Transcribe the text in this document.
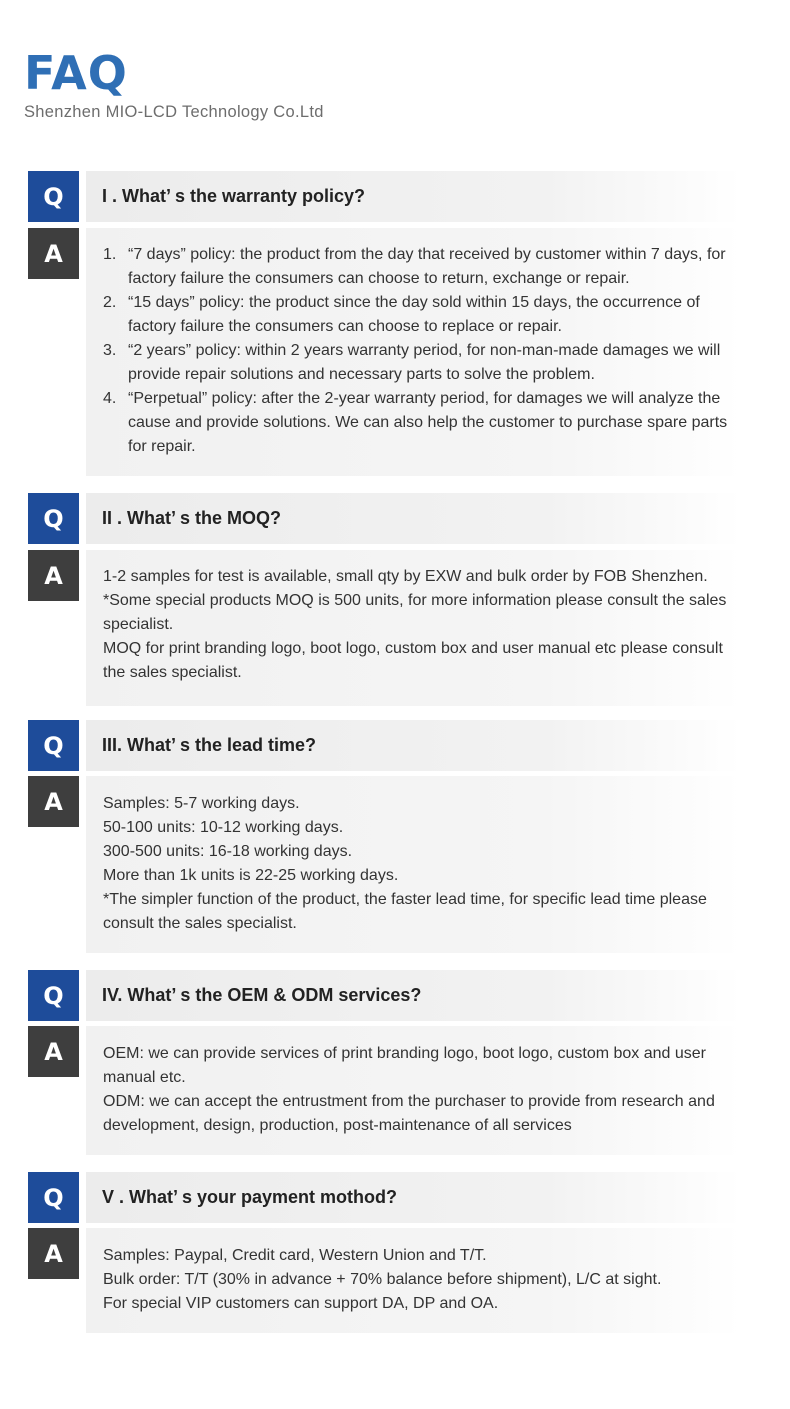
FAQ
Shenzhen MIO-LCD Technology Co.Ltd
Q	I . What’ s the warranty policy?
A	1. “7 days” policy: the product from the day that received by customer within 7 days, for factory failure the consumers can choose to return, exchange or repair.
2. “15 days” policy: the product since the day sold within 15 days, the occurrence of factory failure the consumers can choose to replace or repair.
3. “2 years” policy: within 2 years warranty period, for non-man-made damages we will provide repair solutions and necessary parts to solve the problem.
4. “Perpetual” policy: after the 2-year warranty period, for damages we will analyze the cause and provide solutions. We can also help the customer to purchase spare parts for repair.
Q	II . What’ s the MOQ?
A	1-2 samples for test is available, small qty by EXW and bulk order by FOB Shenzhen.

*Some special products MOQ is 500 units, for more information please consult the sales specialist.

MOQ for print branding logo, boot logo, custom box and user manual etc please consult the sales specialist.

Q	III. What’ s the lead time?
A	Samples: 5-7 working days.

50-100 units: 10-12 working days.

300-500 units: 16-18 working days.

More than 1k units is 22-25 working days.

*The simpler function of the product, the faster lead time, for specific lead time please consult the sales specialist.

Q	IV. What’ s the OEM & ODM services?
A	OEM: we can provide services of print branding logo, boot logo, custom box and user manual etc.

ODM: we can accept the entrustment from the purchaser to provide from research and development, design, production, post-maintenance of all services

Q	V . What’ s your payment mothod?
A	Samples: Paypal, Credit card, Western Union and T/T.

Bulk order: T/T (30% in advance + 70% balance before shipment), L/C at sight.

For special VIP customers can support DA, DP and OA.
